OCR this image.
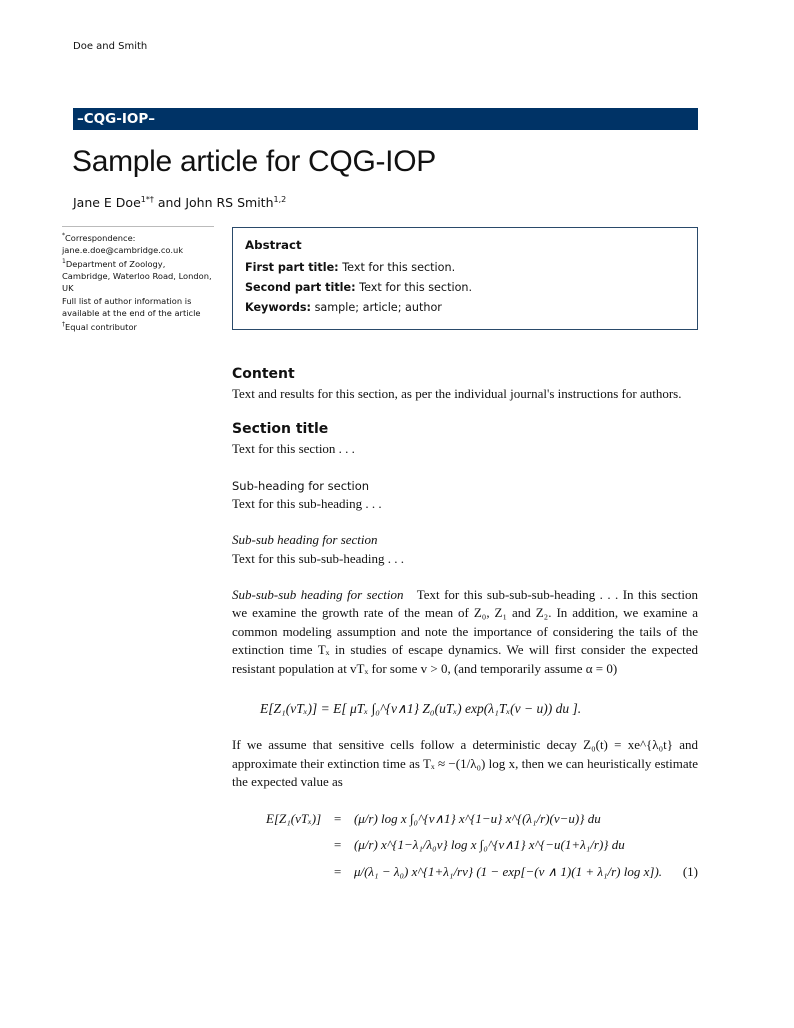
Doe and Smith
–CQG-IOP–
Sample article for CQG-IOP
Jane E Doe$^{1*\dagger}$ and John RS Smith$^{1,2}$
*Correspondence:
jane.e.doe@cambridge.co.uk
$^1$Department of Zoology, Cambridge, Waterloo Road, London, UK
Full list of author information is available at the end of the article
†Equal contributor
Abstract

First part title: Text for this section.

Second part title: Text for this section.

Keywords: sample; article; author

Content

Text and results for this section, as per the individual journal's instructions for authors.

Section title

Text for this section . . .

Sub-heading for section

Text for this sub-heading . . .

Sub-sub heading for section

Text for this sub-sub-heading . . .

Sub-sub-sub heading for section Text for this sub-sub-sub-heading . . . In this section we examine the growth rate of the mean of Z₀, Z₁ and Z₂. In addition, we examine a common modeling assumption and note the importance of considering the tails of the extinction time Tₓ in studies of escape dynamics. We will first consider the expected resistant population at vTₓ for some v > 0, (and temporarily assume α = 0)

E[Z₁(vTₓ)] = E[ μTₓ ∫₀^{v∧1} Z₀(uTₓ) exp(λ₁Tₓ(v − u)) du ].

If we assume that sensitive cells follow a deterministic decay Z₀(t) = xe^{λ₀t} and approximate their extinction time as Tₓ ≈ −(1/λ₀) log x, then we can heuristically estimate the expected value as

E[Z₁(vTₓ)]	=	(μ/r) log x ∫₀^{v∧1} x^{1−u} x^{(λ₁/r)(v−u)} du
	=	(μ/r) x^{1−λ₁/λ₀v} log x ∫₀^{v∧1} x^{−u(1+λ₁/r)} du
	=	μ/(λ₁ − λ₀) x^{1+λ₁/rv} (1 − exp[−(v ∧ 1)(1 + λ₁/r) log x]). (1)
